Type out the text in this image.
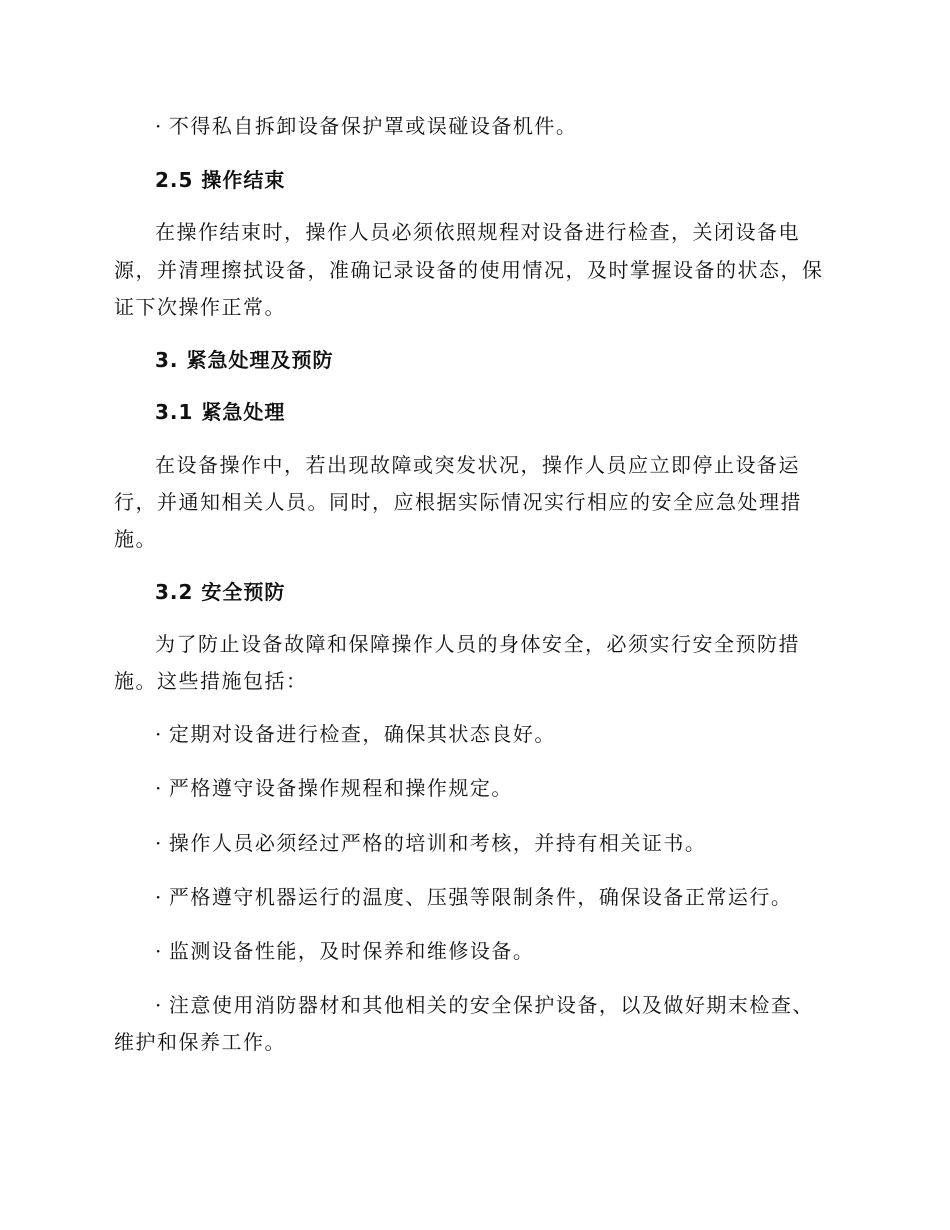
· 不得私自拆卸设备保护罩或误碰设备机件。
2.5 操作结束
在操作结束时，操作人员必须依照规程对设备进行检查，关闭设备电
源，并清理擦拭设备，准确记录设备的使用情况，及时掌握设备的状态，保
证下次操作正常。
3. 紧急处理及预防
3.1 紧急处理
在设备操作中，若出现故障或突发状况，操作人员应立即停止设备运
行，并通知相关人员。同时，应根据实际情况实行相应的安全应急处理措
施。
3.2 安全预防
为了防止设备故障和保障操作人员的身体安全，必须实行安全预防措
施。这些措施包括：
· 定期对设备进行检查，确保其状态良好。
· 严格遵守设备操作规程和操作规定。
· 操作人员必须经过严格的培训和考核，并持有相关证书。
· 严格遵守机器运行的温度、压强等限制条件，确保设备正常运行。
· 监测设备性能，及时保养和维修设备。
· 注意使用消防器材和其他相关的安全保护设备，以及做好期末检查、
维护和保养工作。
